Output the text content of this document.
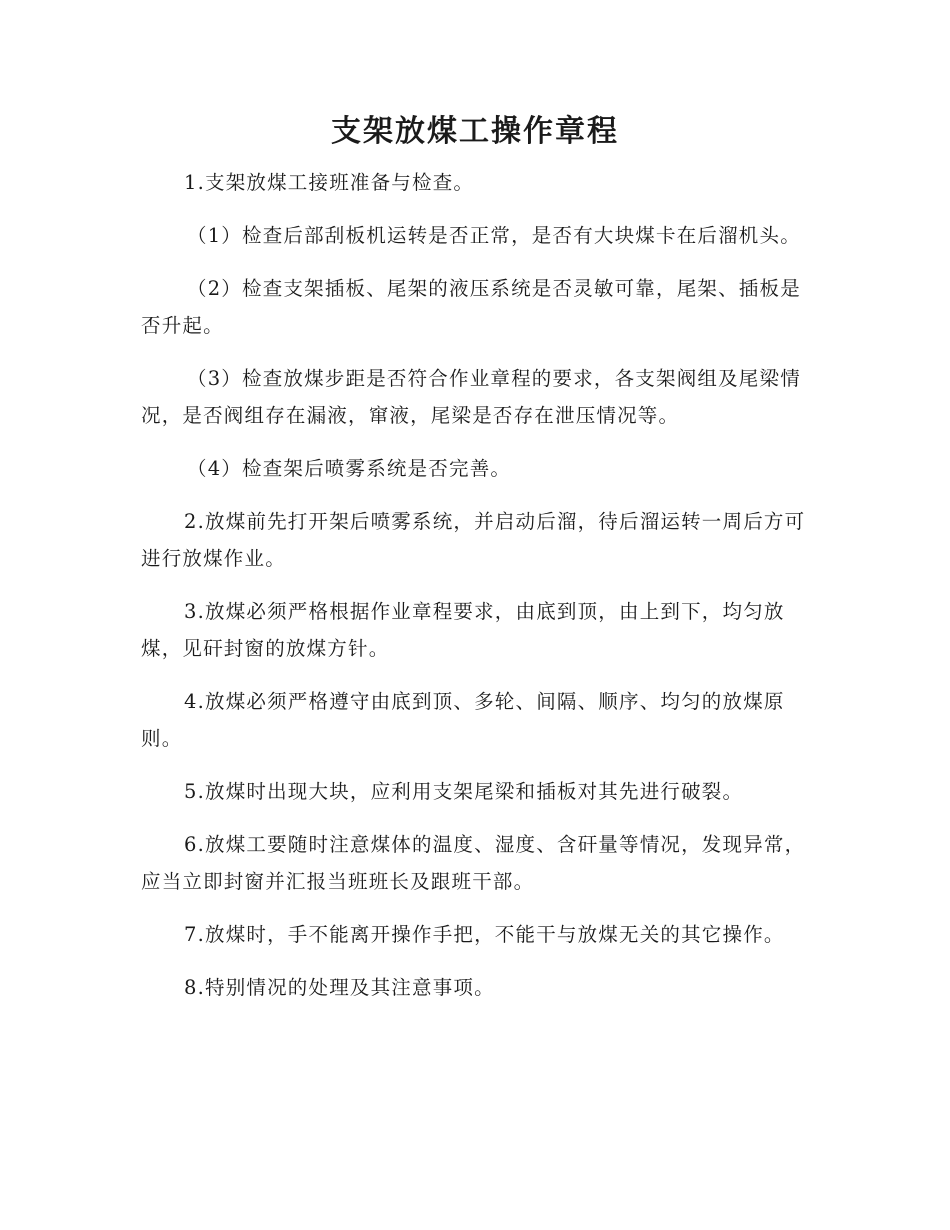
支架放煤工操作章程

1.支架放煤工接班准备与检查。

（1）检查后部刮板机运转是否正常，是否有大块煤卡在后溜机头。

（2）检查支架插板、尾架的液压系统是否灵敏可靠，尾架、插板是否升起。

（3）检查放煤步距是否符合作业章程的要求，各支架阀组及尾梁情况，是否阀组存在漏液，窜液，尾梁是否存在泄压情况等。

（4）检查架后喷雾系统是否完善。

2.放煤前先打开架后喷雾系统，并启动后溜，待后溜运转一周后方可进行放煤作业。

3.放煤必须严格根据作业章程要求，由底到顶，由上到下，均匀放煤，见矸封窗的放煤方针。

4.放煤必须严格遵守由底到顶、多轮、间隔、顺序、均匀的放煤原则。

5.放煤时出现大块，应利用支架尾梁和插板对其先进行破裂。

6.放煤工要随时注意煤体的温度、湿度、含矸量等情况，发现异常，应当立即封窗并汇报当班班长及跟班干部。

7.放煤时，手不能离开操作手把，不能干与放煤无关的其它操作。

8.特别情况的处理及其注意事项。
